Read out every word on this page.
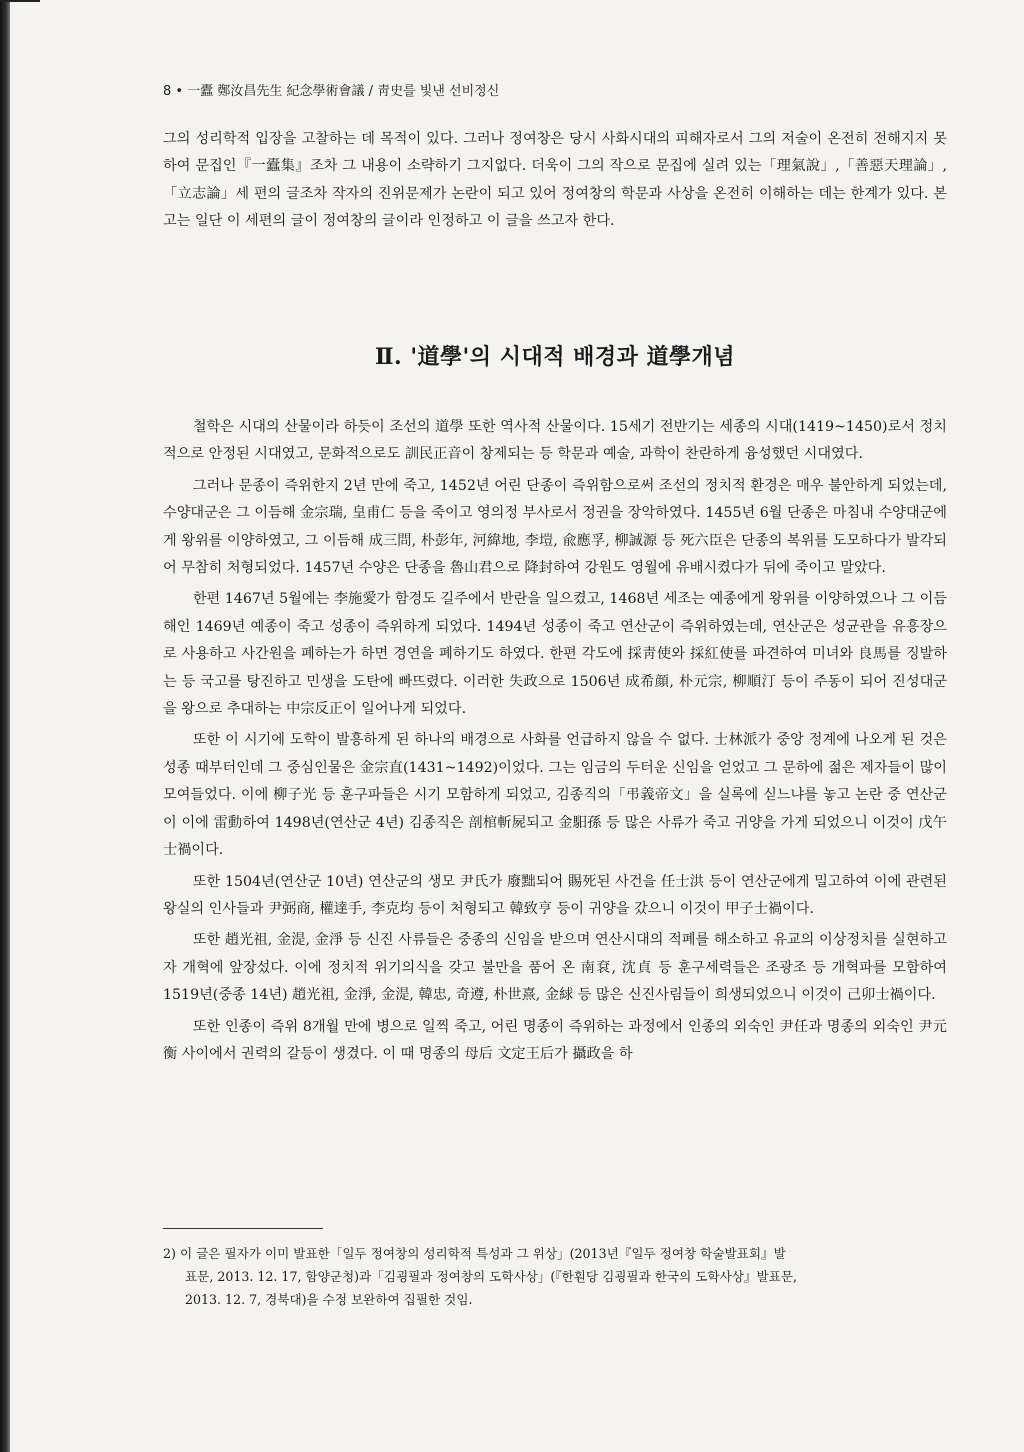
8 • 一蠹 鄭汝昌先生 紀念學術會議 / 靑史를 빛낸 선비정신

그의 성리학적 입장을 고찰하는 데 목적이 있다. 그러나 정여창은 당시 사화시대의 피해자로서 그의 저술이 온전히 전해지지 못하여 문집인『一蠹集』조차 그 내용이 소략하기 그지없다. 더욱이 그의 작으로 문집에 실려 있는「理氣說」,「善惡天理論」,「立志論」세 편의 글조차 작자의 진위문제가 논란이 되고 있어 정여창의 학문과 사상을 온전히 이해하는 데는 한계가 있다. 본고는 일단 이 세편의 글이 정여창의 글이라 인정하고 이 글을 쓰고자 한다.

Ⅱ. '道學'의 시대적 배경과 道學개념

철학은 시대의 산물이라 하듯이 조선의 道學 또한 역사적 산물이다. 15세기 전반기는 세종의 시대(1419~1450)로서 정치적으로 안정된 시대였고, 문화적으로도 訓民正音이 창제되는 등 학문과 예술, 과학이 찬란하게 융성했던 시대였다.

그러나 문종이 즉위한지 2년 만에 죽고, 1452년 어린 단종이 즉위함으로써 조선의 정치적 환경은 매우 불안하게 되었는데, 수양대군은 그 이듬해 金宗瑞, 皇甫仁 등을 죽이고 영의정 부사로서 정권을 장악하였다. 1455년 6월 단종은 마침내 수양대군에게 왕위를 이양하였고, 그 이듬해 成三問, 朴彭年, 河緯地, 李塏, 兪應孚, 柳誠源 등 死六臣은 단종의 복위를 도모하다가 발각되어 무참히 처형되었다. 1457년 수양은 단종을 魯山君으로 降封하여 강원도 영월에 유배시켰다가 뒤에 죽이고 말았다.

한편 1467년 5월에는 李施愛가 함경도 길주에서 반란을 일으켰고, 1468년 세조는 예종에게 왕위를 이양하였으나 그 이듬해인 1469년 예종이 죽고 성종이 즉위하게 되었다. 1494년 성종이 죽고 연산군이 즉위하였는데, 연산군은 성균관을 유흥장으로 사용하고 사간원을 폐하는가 하면 경연을 폐하기도 하였다. 한편 각도에 採靑使와 採紅使를 파견하여 미녀와 良馬를 징발하는 등 국고를 탕진하고 민생을 도탄에 빠뜨렸다. 이러한 失政으로 1506년 成希顔, 朴元宗, 柳順汀 등이 주동이 되어 진성대군을 왕으로 추대하는 中宗反正이 일어나게 되었다.

또한 이 시기에 도학이 발흥하게 된 하나의 배경으로 사화를 언급하지 않을 수 없다. 士林派가 중앙 정계에 나오게 된 것은 성종 때부터인데 그 중심인물은 金宗直(1431~1492)이었다. 그는 임금의 두터운 신임을 얻었고 그 문하에 젊은 제자들이 많이 모여들었다. 이에 柳子光 등 훈구파들은 시기 모함하게 되었고, 김종직의「弔義帝文」을 실록에 싣느냐를 놓고 논란 중 연산군이 이에 雷動하여 1498년(연산군 4년) 김종직은 剖棺斬屍되고 金馹孫 등 많은 사류가 죽고 귀양을 가게 되었으니 이것이 戊午士禍이다.

또한 1504년(연산군 10년) 연산군의 생모 尹氏가 廢黜되어 賜死된 사건을 任士洪 등이 연산군에게 밀고하여 이에 관련된 왕실의 인사들과 尹弼商, 權達手, 李克均 등이 처형되고 韓致亨 등이 귀양을 갔으니 이것이 甲子士禍이다.

또한 趙光祖, 金湜, 金淨 등 신진 사류들은 중종의 신임을 받으며 연산시대의 적폐를 해소하고 유교의 이상정치를 실현하고자 개혁에 앞장섰다. 이에 정치적 위기의식을 갖고 불만을 품어 온 南袞, 沈貞 등 훈구세력들은 조광조 등 개혁파를 모함하여 1519년(중종 14년) 趙光祖, 金淨, 金湜, 韓忠, 奇遵, 朴世熹, 金絿 등 많은 신진사림들이 희생되었으니 이것이 己卯士禍이다.

또한 인종이 즉위 8개월 만에 병으로 일찍 죽고, 어린 명종이 즉위하는 과정에서 인종의 외숙인 尹任과 명종의 외숙인 尹元衡 사이에서 권력의 갈등이 생겼다. 이 때 명종의 母后 文定王后가 攝政을 하

2) 이 글은 필자가 이미 발표한「일두 정여창의 성리학적 특성과 그 위상」(2013년『일두 정여창 학술발표회』발
표문, 2013. 12. 17, 함양군청)과「김굉필과 정여창의 도학사상」(『한훤당 김굉필과 한국의 도학사상』발표문,
2013. 12. 7, 경북대)을 수정 보완하여 집필한 것임.
